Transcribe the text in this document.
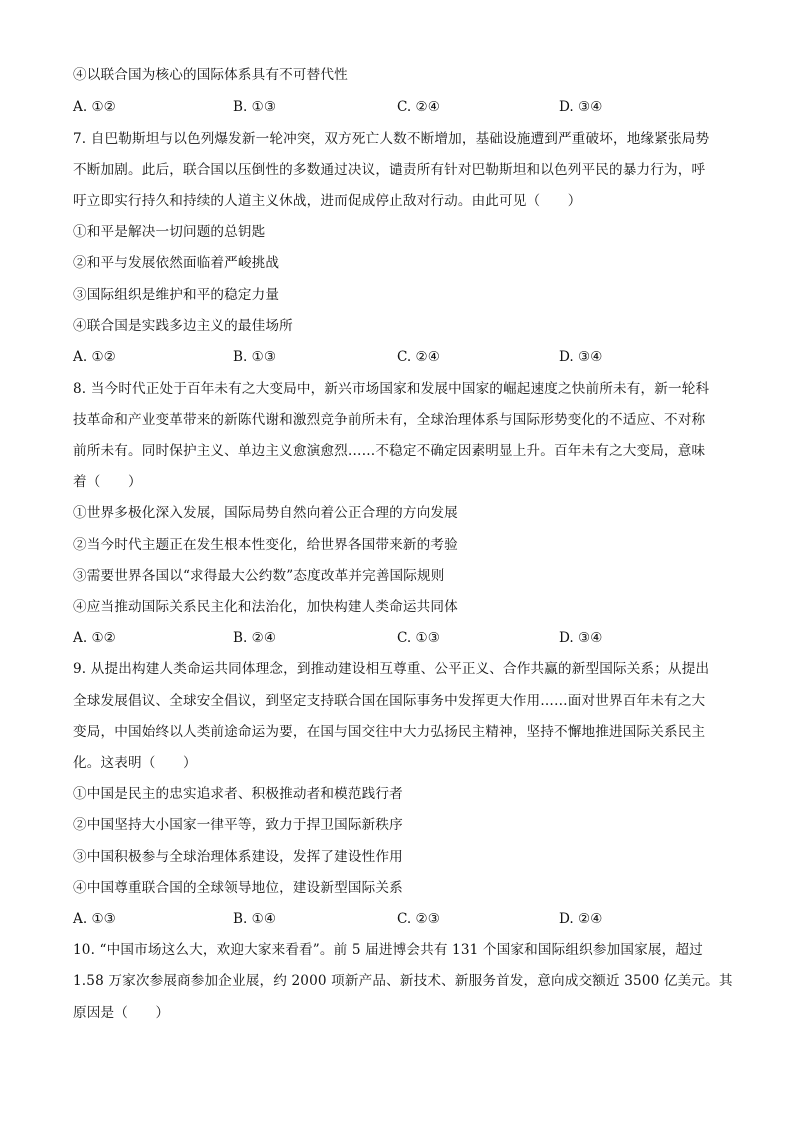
④以联合国为核心的国际体系具有不可替代性
A. ①②	B. ①③	C. ②④	D. ③④
7. 自巴勒斯坦与以色列爆发新一轮冲突，双方死亡人数不断增加，基础设施遭到严重破坏，地缘紧张局势
不断加剧。此后，联合国以压倒性的多数通过决议，谴责所有针对巴勒斯坦和以色列平民的暴力行为，呼
吁立即实行持久和持续的人道主义休战，进而促成停止敌对行动。由此可见（　　）
①和平是解决一切问题的总钥匙
②和平与发展依然面临着严峻挑战
③国际组织是维护和平的稳定力量
④联合国是实践多边主义的最佳场所
A. ①②	B. ①③	C. ②④	D. ③④
8. 当今时代正处于百年未有之大变局中，新兴市场国家和发展中国家的崛起速度之快前所未有，新一轮科
技革命和产业变革带来的新陈代谢和激烈竞争前所未有，全球治理体系与国际形势变化的不适应、不对称
前所未有。同时保护主义、单边主义愈演愈烈……不稳定不确定因素明显上升。百年未有之大变局，意味
着（　　）
①世界多极化深入发展，国际局势自然向着公正合理的方向发展
②当今时代主题正在发生根本性变化，给世界各国带来新的考验
③需要世界各国以“求得最大公约数”态度改革并完善国际规则
④应当推动国际关系民主化和法治化，加快构建人类命运共同体
A. ①②	B. ②④	C. ①③	D. ③④
9. 从提出构建人类命运共同体理念，到推动建设相互尊重、公平正义、合作共赢的新型国际关系；从提出
全球发展倡议、全球安全倡议，到坚定支持联合国在国际事务中发挥更大作用……面对世界百年未有之大
变局，中国始终以人类前途命运为要，在国与国交往中大力弘扬民主精神，坚持不懈地推进国际关系民主
化。这表明（　　）
①中国是民主的忠实追求者、积极推动者和模范践行者
②中国坚持大小国家一律平等，致力于捍卫国际新秩序
③中国积极参与全球治理体系建设，发挥了建设性作用
④中国尊重联合国的全球领导地位，建设新型国际关系
A. ①③	B. ①④	C. ②③	D. ②④
10. “中国市场这么大，欢迎大家来看看”。前 5 届进博会共有 131 个国家和国际组织参加国家展，超过
1.58 万家次参展商参加企业展，约 2000 项新产品、新技术、新服务首发，意向成交额近 3500 亿美元。其
原因是（　　）
